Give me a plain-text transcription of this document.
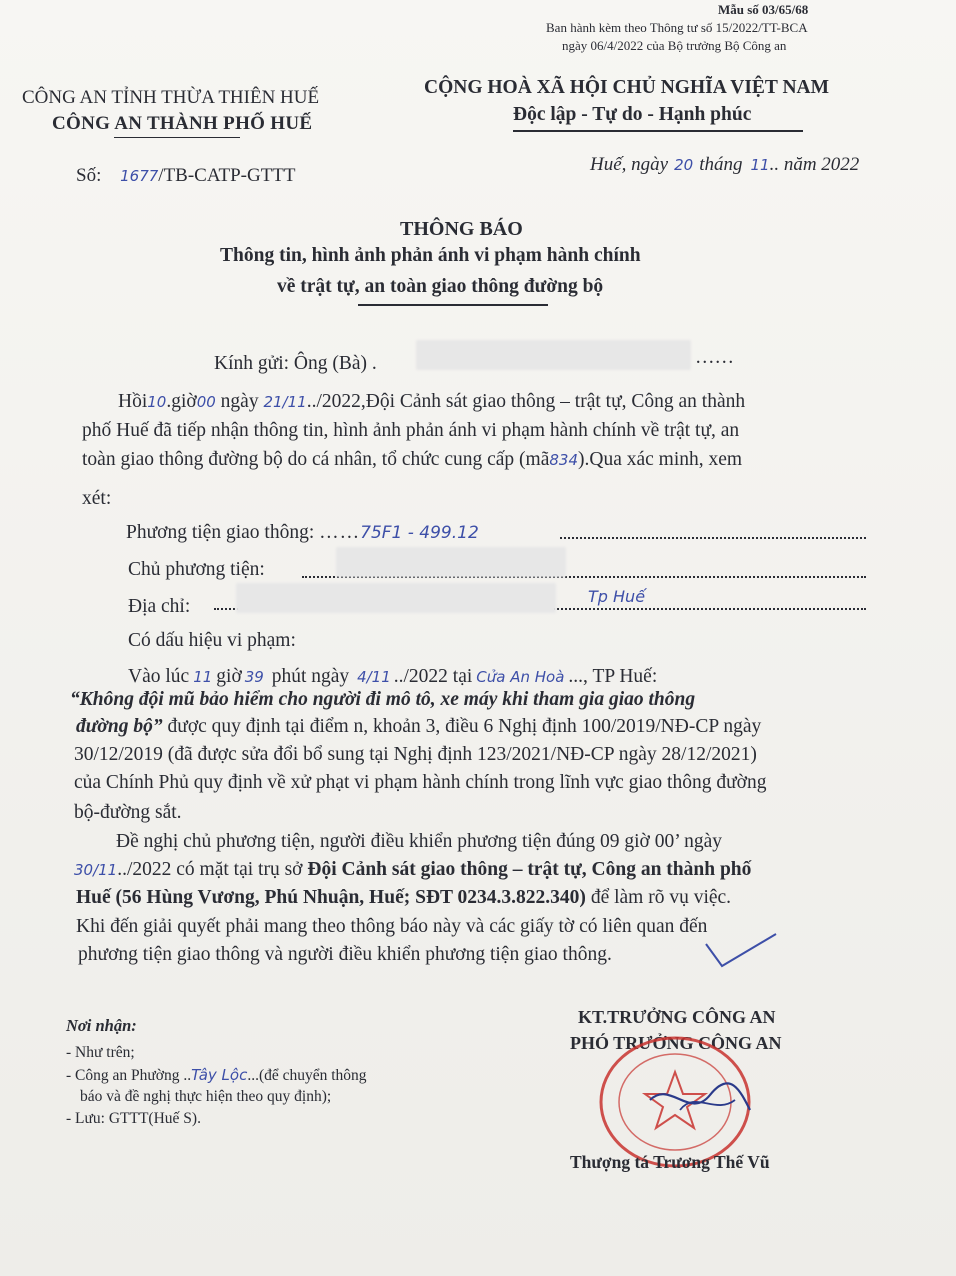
Mẫu số 03/65/68
Ban hành kèm theo Thông tư số 15/2022/TT-BCA
ngày 06/4/2022 của Bộ trưởng Bộ Công an
CÔNG AN TỈNH THỪA THIÊN HUẾ
CÔNG AN THÀNH PHỐ HUẾ
Số: 1677/TB-CATP-GTTT
CỘNG HOÀ XÃ HỘI CHỦ NGHĨA VIỆT NAM
Độc lập - Tự do - Hạnh phúc
Huế, ngày 20 tháng 11.. năm 2022
THÔNG BÁO
Thông tin, hình ảnh phản ánh vi phạm hành chính
về trật tự, an toàn giao thông đường bộ
Kính gửi: Ông (Bà) .	……
Hồi10.giờ00 ngày 21/11../2022,Đội Cảnh sát giao thông – trật tự, Công an thành
phố Huế đã tiếp nhận thông tin, hình ảnh phản ánh vi phạm hành chính về trật tự, an
toàn giao thông đường bộ do cá nhân, tổ chức cung cấp (mã834).Qua xác minh, xem
xét:
Phương tiện giao thông: ……75F1 - 499.12
Chủ phương tiện:
Địa chỉ:	Tp Huế
Có dấu hiệu vi phạm:
Vào lúc 11 giờ 39 phút ngày 4/11 ../2022 tại Cửa An Hoà ..., TP Huế:
“Không đội mũ bảo hiểm cho người đi mô tô, xe máy khi tham gia giao thông
đường bộ” được quy định tại điểm n, khoản 3, điều 6 Nghị định 100/2019/NĐ-CP ngày
30/12/2019 (đã được sửa đổi bổ sung tại Nghị định 123/2021/NĐ-CP ngày 28/12/2021)
của Chính Phủ quy định về xử phạt vi phạm hành chính trong lĩnh vực giao thông đường
bộ-đường sắt.
Đề nghị chủ phương tiện, người điều khiển phương tiện đúng 09 giờ 00’ ngày
30/11../2022 có mặt tại trụ sở Đội Cảnh sát giao thông – trật tự, Công an thành phố
Huế (56 Hùng Vương, Phú Nhuận, Huế; SĐT 0234.3.822.340) để làm rõ vụ việc.
Khi đến giải quyết phải mang theo thông báo này và các giấy tờ có liên quan đến
phương tiện giao thông và người điều khiển phương tiện giao thông.
Nơi nhận:
- Như trên;
- Công an Phường ..Tây Lộc...(để chuyển thông
báo và đề nghị thực hiện theo quy định);
- Lưu: GTTT(Huế S).
KT.TRƯỞNG CÔNG AN
PHÓ TRƯỞNG CÔNG AN
Thượng tá Trương Thế Vũ
